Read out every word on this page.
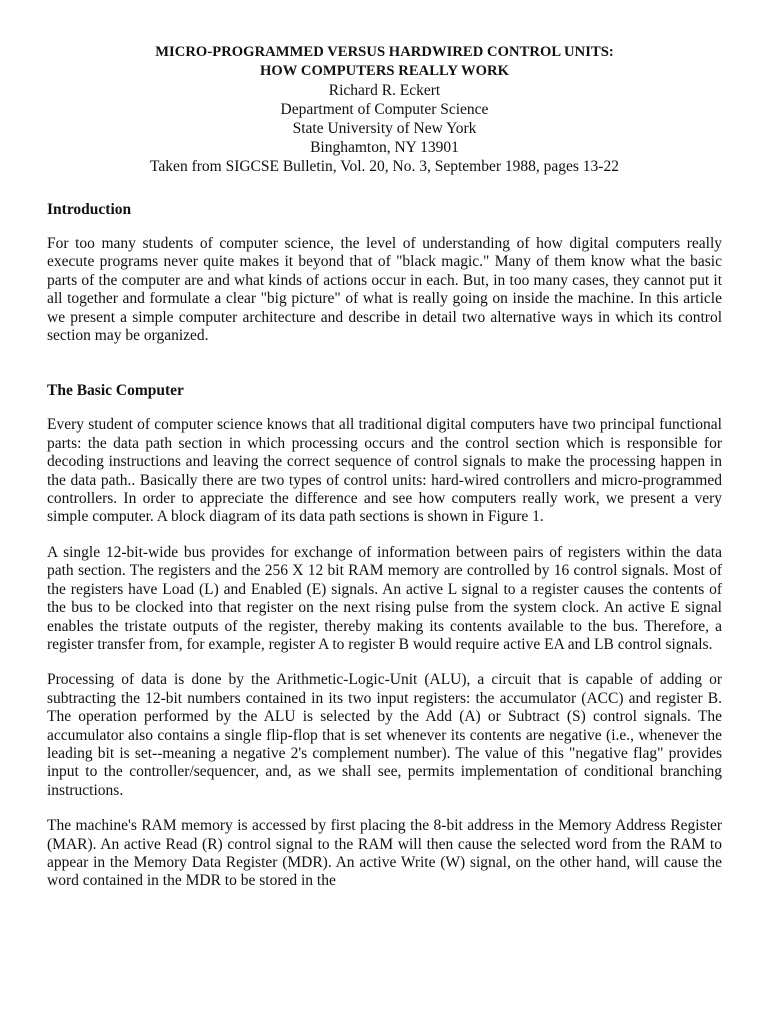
MICRO-PROGRAMMED VERSUS HARDWIRED CONTROL UNITS:
HOW COMPUTERS REALLY WORK
Richard R. Eckert
Department of Computer Science
State University of New York
Binghamton, NY 13901
Taken from SIGCSE Bulletin, Vol. 20, No. 3, September 1988, pages 13-22
Introduction

For too many students of computer science, the level of understanding of how digital computers really execute programs never quite makes it beyond that of "black magic." Many of them know what the basic parts of the computer are and what kinds of actions occur in each. But, in too many cases, they cannot put it all together and formulate a clear "big picture" of what is really going on inside the machine. In this article we present a simple computer architecture and describe in detail two alternative ways in which its control section may be organized.

The Basic Computer

Every student of computer science knows that all traditional digital computers have two principal functional parts: the data path section in which processing occurs and the control section which is responsible for decoding instructions and leaving the correct sequence of control signals to make the processing happen in the data path.. Basically there are two types of control units: hard-wired controllers and micro-programmed controllers. In order to appreciate the difference and see how computers really work, we present a very simple computer. A block diagram of its data path sections is shown in Figure 1.

A single 12-bit-wide bus provides for exchange of information between pairs of registers within the data path section. The registers and the 256 X 12 bit RAM memory are controlled by 16 control signals. Most of the registers have Load (L) and Enabled (E) signals. An active L signal to a register causes the contents of the bus to be clocked into that register on the next rising pulse from the system clock. An active E signal enables the tristate outputs of the register, thereby making its contents available to the bus. Therefore, a register transfer from, for example, register A to register B would require active EA and LB control signals.

Processing of data is done by the Arithmetic-Logic-Unit (ALU), a circuit that is capable of adding or subtracting the 12-bit numbers contained in its two input registers: the accumulator (ACC) and register B. The operation performed by the ALU is selected by the Add (A) or Subtract (S) control signals. The accumulator also contains a single flip-flop that is set whenever its contents are negative (i.e., whenever the leading bit is set--meaning a negative 2's complement number). The value of this "negative flag" provides input to the controller/sequencer, and, as we shall see, permits implementation of conditional branching instructions.

The machine's RAM memory is accessed by first placing the 8-bit address in the Memory Address Register (MAR). An active Read (R) control signal to the RAM will then cause the selected word from the RAM to appear in the Memory Data Register (MDR). An active Write (W) signal, on the other hand, will cause the word contained in the MDR to be stored in the
